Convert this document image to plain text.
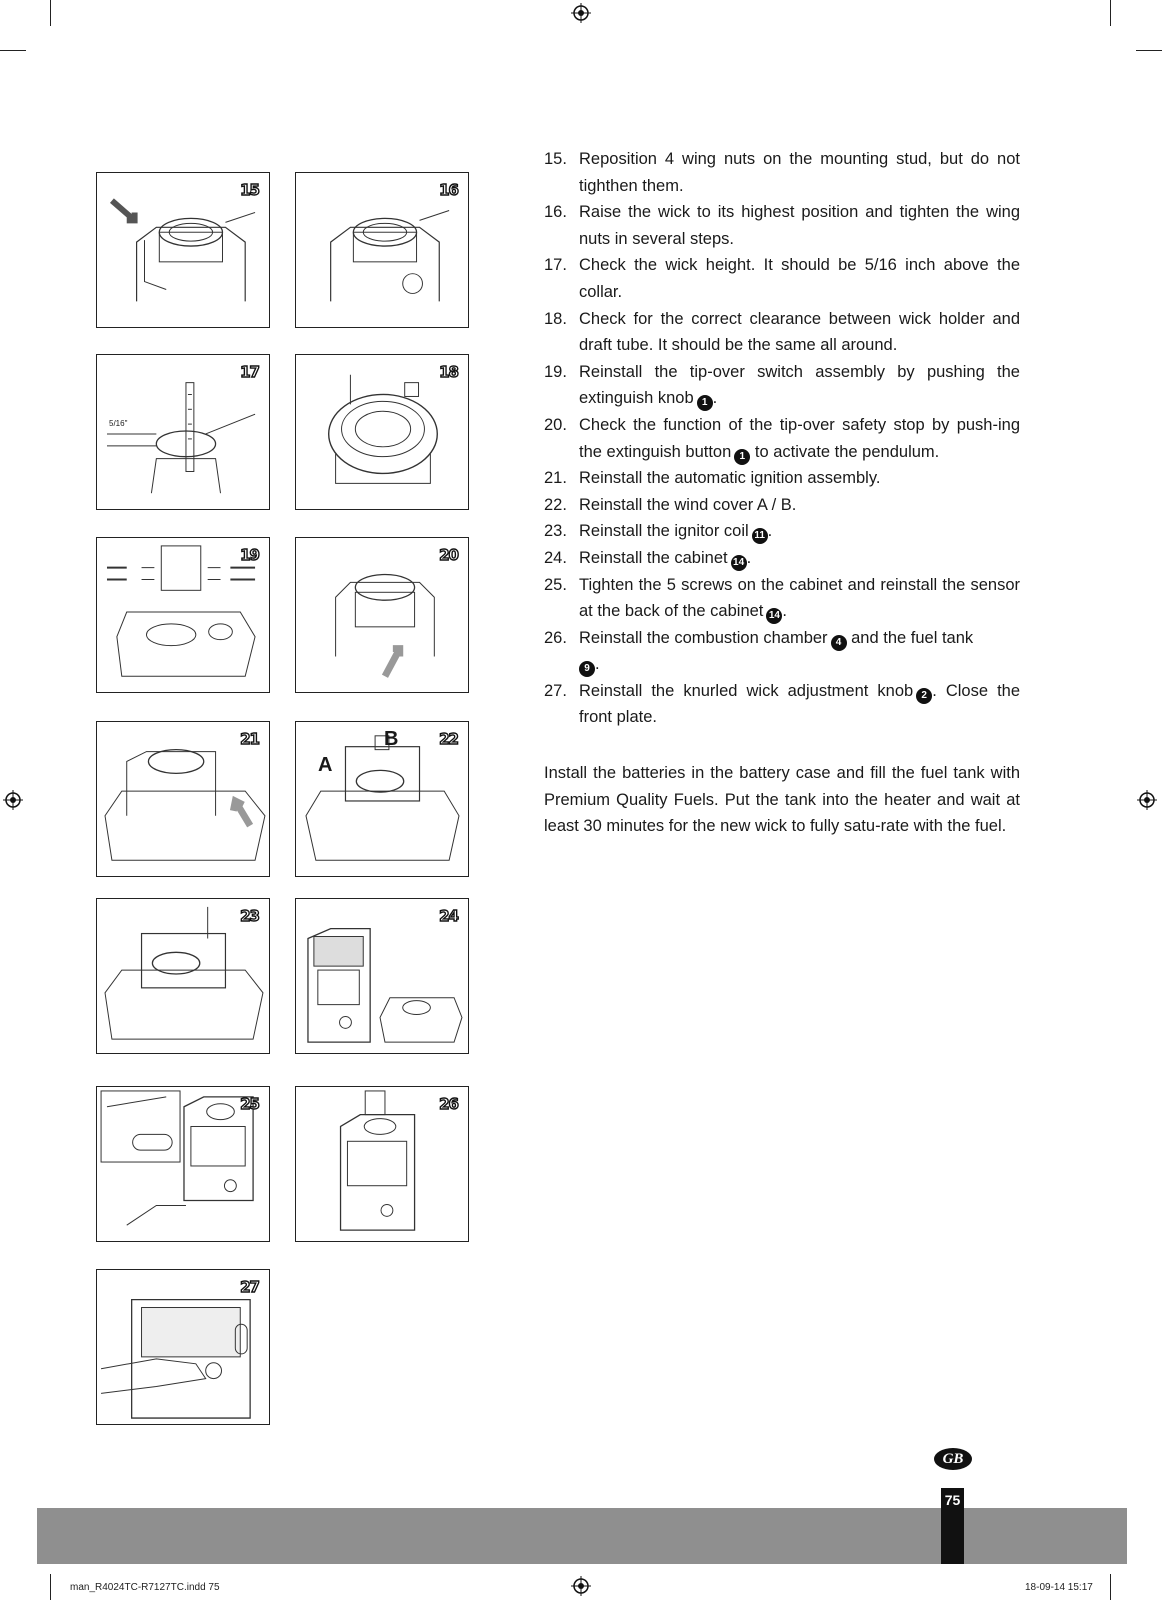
15	16
5/16"
17	18
19	20
21
A
B	22
23	24
25	26
27
15. Reposition 4 wing nuts on the mounting stud, but do not tighthen them.
16. Raise the wick to its highest position and tighten the wing nuts in several steps.
17. Check the wick height. It should be 5/16 inch above the collar.
18. Check for the correct clearance between wick holder and draft tube. It should be the same all around.
19. Reinstall the tip-over switch assembly by pushing the extinguish knob 1 .
20. Check the function of the tip-over safety stop by push-ing the extinguish button 1 to activate the pendulum.
21. Reinstall the automatic ignition assembly.
22. Reinstall the wind cover A / B.
23. Reinstall the ignitor coil 11 .
24. Reinstall the cabinet 14 .
25. Tighten the 5 screws on the cabinet and reinstall the sensor at the back of the cabinet 14 .
26. Reinstall the combustion chamber 4 and the fuel tank
9 .
27. Reinstall the knurled wick adjustment knob 2 . Close the front plate.

Install the batteries in the battery case and fill the fuel tank with Premium Quality Fuels. Put the tank into the heater and wait at least 30 minutes for the new wick to fully satu-rate with the fuel.

GB
75
man_R4024TC-R7127TC.indd 75	18-09-14 15:17
